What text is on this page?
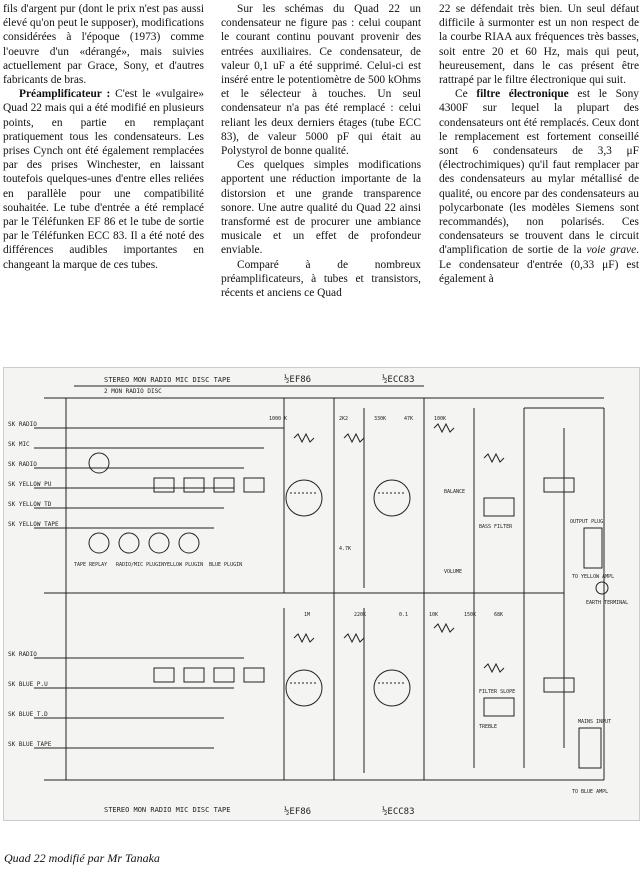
fils d'argent pur (dont le prix n'est pas aussi élevé qu'on peut le supposer), modifications considérées à l'époque (1973) comme l'oeuvre d'un «dérangé», mais suivies actuellement par Grace, Sony, et d'autres fabricants de bras.

Préamplificateur : C'est le «vulgaire» Quad 22 mais qui a été modifié en plusieurs points, en partie en remplaçant pratiquement tous les condensateurs. Les prises Cynch ont été également remplacées par des prises Winchester, en laissant toutefois quelques-unes d'entre elles reliées en parallèle pour une compatibilité souhaitée. Le tube d'entrée a été remplacé par le Téléfunken EF 86 et le tube de sortie par le Téléfunken ECC 83. Il a été noté des différences audibles importantes en changeant la marque de ces tubes.

Sur les schémas du Quad 22 un condensateur ne figure pas : celui coupant le courant continu pouvant provenir des entrées auxiliaires. Ce condensateur, de valeur 0,1 uF a été supprimé. Celui-ci est inséré entre le potentiomètre de 500 kOhms et le sélecteur à touches. Un seul condensateur n'a pas été remplacé : celui reliant les deux derniers étages (tube ECC 83), de valeur 5000 pF qui était au Polystyrol de bonne qualité.

Ces quelques simples modifications apportent une réduction importante de la distorsion et une grande transparence sonore. Une autre qualité du Quad 22 ainsi transformé est de procurer une ambiance musicale et un effet de profondeur enviable.

Comparé à de nombreux préamplificateurs, à tubes et transistors, récents et anciens ce Quad

22 se défendait très bien. Un seul défaut difficile à surmonter est un non respect de la courbe RIAA aux fréquences très basses, soit entre 20 et 60 Hz, mais qui peut, heureusement, dans le cas présent être rattrapé par le filtre électronique qui suit.

Ce filtre électronique est le Sony 4300F sur lequel la plupart des condensateurs ont été remplacés. Ceux dont le remplacement est fortement conseillé sont 6 condensateurs de 3,3 μF (électrochimiques) qu'il faut remplacer par des condensateurs au mylar métallisé de qualité, ou encore par des condensateurs au polycarbonate (les modèles Siemens sont recommandés), non polarisés. Ces condensateurs se trouvent dans le circuit d'amplification de sortie de la voie grave. Le condensateur d'entrée (0,33 μF) est également à

STEREO MON RADIO MIC DISC TAPE
2 MON RADIO DISC
STEREO MON RADIO MIC DISC TAPE
½EF86	½ECC83
½EF86	½ECC83
SK RADIO
SK MIC
SK RADIO
SK YELLOW PU
SK YELLOW TD
SK YELLOW TAPE
SK RADIO
SK BLUE P.U
SK BLUE T.D
SK BLUE TAPE
TAPE REPLAY RADIO/MIC PLUGIN YELLOW PLUGIN BLUE PLUGIN
BALANCE
BASS FILTER
FILTER SLOPE
TREBLE
VOLUME
EARTH TERMINAL
OUTPUT PLUG
TO YELLOW AMPL
TO BLUE AMPL
MAINS INPUT
1000 K	2K2	330K	47K
4.7K
100K
220K	10K
0.1
1M	150K	68K
Quad 22 modifié par Mr Tanaka
